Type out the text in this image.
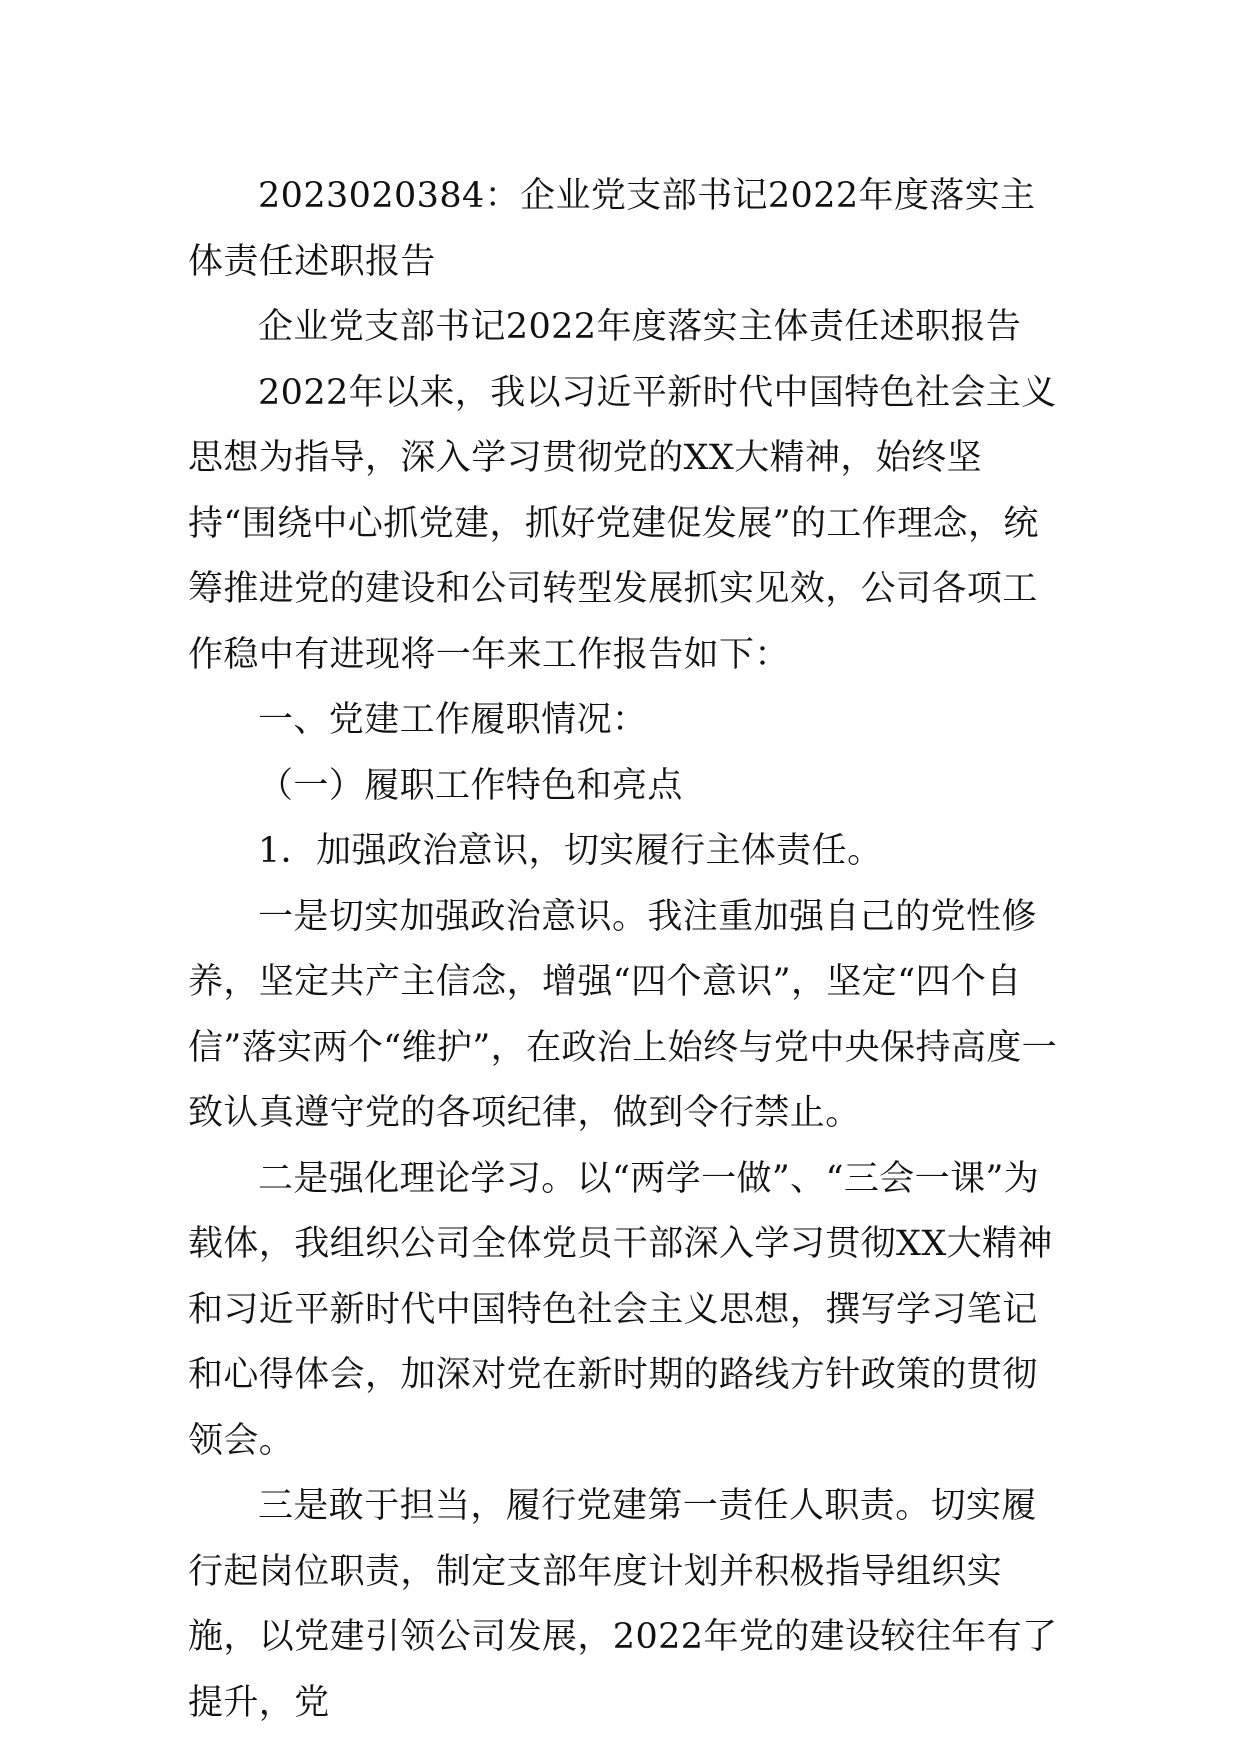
2023020384：企业党支部书记2022年度落实主体责任述职报告

企业党支部书记2022年度落实主体责任述职报告

2022年以来，我以习近平新时代中国特色社会主义思想为指导，深入学习贯彻党的XX大精神，始终坚持“围绕中心抓党建，抓好党建促发展”的工作理念，统筹推进党的建设和公司转型发展抓实见效，公司各项工作稳中有进现将一年来工作报告如下：

一、党建工作履职情况：

（一）履职工作特色和亮点

1．加强政治意识，切实履行主体责任。

一是切实加强政治意识。我注重加强自己的党性修养，坚定共产主信念，增强“四个意识”，坚定“四个自信”落实两个“维护”，在政治上始终与党中央保持高度一致认真遵守党的各项纪律，做到令行禁止。

二是强化理论学习。以“两学一做”、“三会一课”为载体，我组织公司全体党员干部深入学习贯彻XX大精神和习近平新时代中国特色社会主义思想，撰写学习笔记和心得体会，加深对党在新时期的路线方针政策的贯彻领会。

三是敢于担当，履行党建第一责任人职责。切实履行起岗位职责，制定支部年度计划并积极指导组织实施，以党建引领公司发展，2022年党的建设较往年有了提升，党
